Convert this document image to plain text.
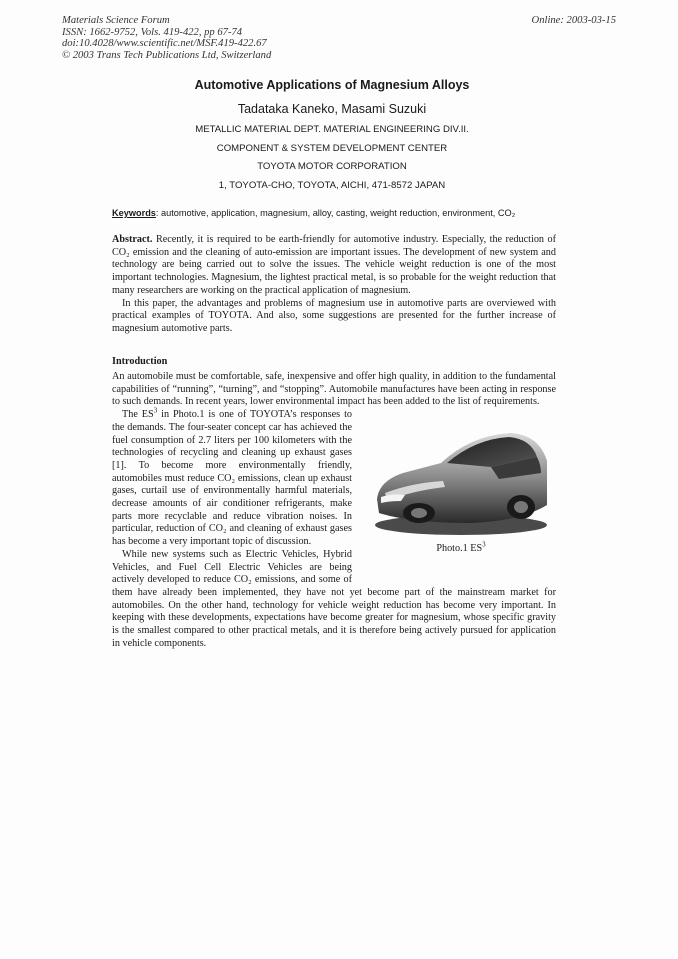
Materials Science Forum
ISSN: 1662-9752, Vols. 419-422, pp 67-74
doi:10.4028/www.scientific.net/MSF.419-422.67
© 2003 Trans Tech Publications Ltd, Switzerland
Online: 2003-03-15
Automotive Applications of Magnesium Alloys
Tadataka Kaneko, Masami Suzuki
METALLIC MATERIAL DEPT. MATERIAL ENGINEERING DIV.II.
COMPONENT & SYSTEM DEVELOPMENT CENTER
TOYOTA MOTOR CORPORATION
1, TOYOTA-CHO, TOYOTA, AICHI, 471-8572 JAPAN
Keywords: automotive, application, magnesium, alloy, casting, weight reduction, environment, CO₂

Abstract. Recently, it is required to be earth-friendly for automotive industry. Especially, the reduction of CO₂ emission and the cleaning of auto-emission are important issues. The development of new system and technology are being carried out to solve the issues. The vehicle weight reduction is one of the most important technologies. Magnesium, the lightest practical metal, is so probable for the weight reduction that many researchers are working on the practical application of magnesium.

In this paper, the advantages and problems of magnesium use in automotive parts are overviewed with practical examples of TOYOTA. And also, some suggestions are presented for the further increase of magnesium automotive parts.

Introduction

An automobile must be comfortable, safe, inexpensive and offer high quality, in addition to the fundamental capabilities of “running”, “turning”, and “stopping”. Automobile manufactures have been acting in response to such demands. In recent years, lower environmental impact has been added to the list of requirements.

Photo.1 $ES^3$

The $ES^3$ in Photo.1 is one of TOYOTA’s responses to the demands. The four-seater concept car has achieved the fuel consumption of 2.7 liters per 100 kilometers with the technologies of recycling and cleaning up exhaust gases [1]. To become more environmentally friendly, automobiles must reduce CO₂ emissions, clean up exhaust gases, curtail use of environmentally harmful materials, decrease amounts of air conditioner refrigerants, make parts more recyclable and reduce vibration noises. In particular, reduction of CO₂ and cleaning of exhaust gases has become a very important topic of discussion.

While new systems such as Electric Vehicles, Hybrid Vehicles, and Fuel Cell Electric Vehicles are being actively developed to reduce CO₂ emissions, and some of them have already been implemented, they have not yet become part of the mainstream market for automobiles. On the other hand, technology for vehicle weight reduction has become very important. In keeping with these developments, expectations have become greater for magnesium, whose specific gravity is the smallest compared to other practical metals, and it is therefore being actively pursued for application in vehicle components.
